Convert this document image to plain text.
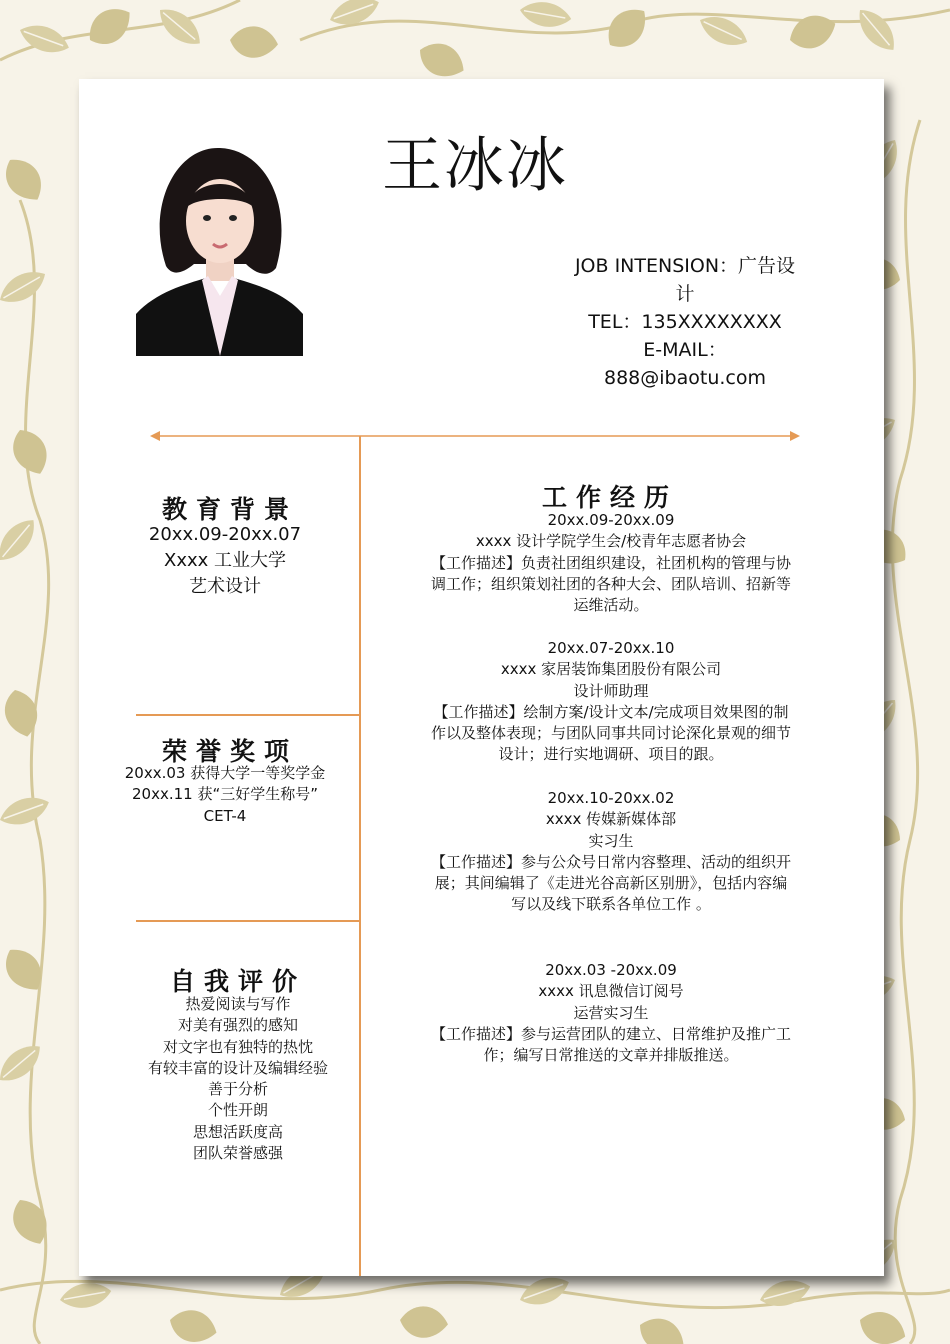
王冰冰
JOB INTENSION：广告设
计
TEL：135XXXXXXXX
E-MAIL：
888@ibaotu.com
教育背景
20xx.09-20xx.07
Xxxx 工业大学
艺术设计
荣誉奖项
20xx.03 获得大学一等奖学金
20xx.11 获“三好学生称号”
CET-4
自我评价
热爱阅读与写作
对美有强烈的感知
对文字也有独特的热忱
有较丰富的设计及编辑经验
善于分析
个性开朗
思想活跃度高
团队荣誉感强
工作经历
20xx.09-20xx.09
xxxx 设计学院学生会/校青年志愿者协会
【工作描述】负责社团组织建设，社团机构的管理与协
调工作；组织策划社团的各种大会、团队培训、招新等
运维活动。
20xx.07-20xx.10
xxxx 家居装饰集团股份有限公司
设计师助理
【工作描述】绘制方案/设计文本/完成项目效果图的制
作以及整体表现；与团队同事共同讨论深化景观的细节
设计；进行实地调研、项目的跟。
20xx.10-20xx.02
xxxx 传媒新媒体部
实习生
【工作描述】参与公众号日常内容整理、活动的组织开
展；其间编辑了《走进光谷高新区别册》，包括内容编
写以及线下联系各单位工作 。
20xx.03 -20xx.09
xxxx 讯息微信订阅号
运营实习生
【工作描述】参与运营团队的建立、日常维护及推广工
作；编写日常推送的文章并排版推送。
